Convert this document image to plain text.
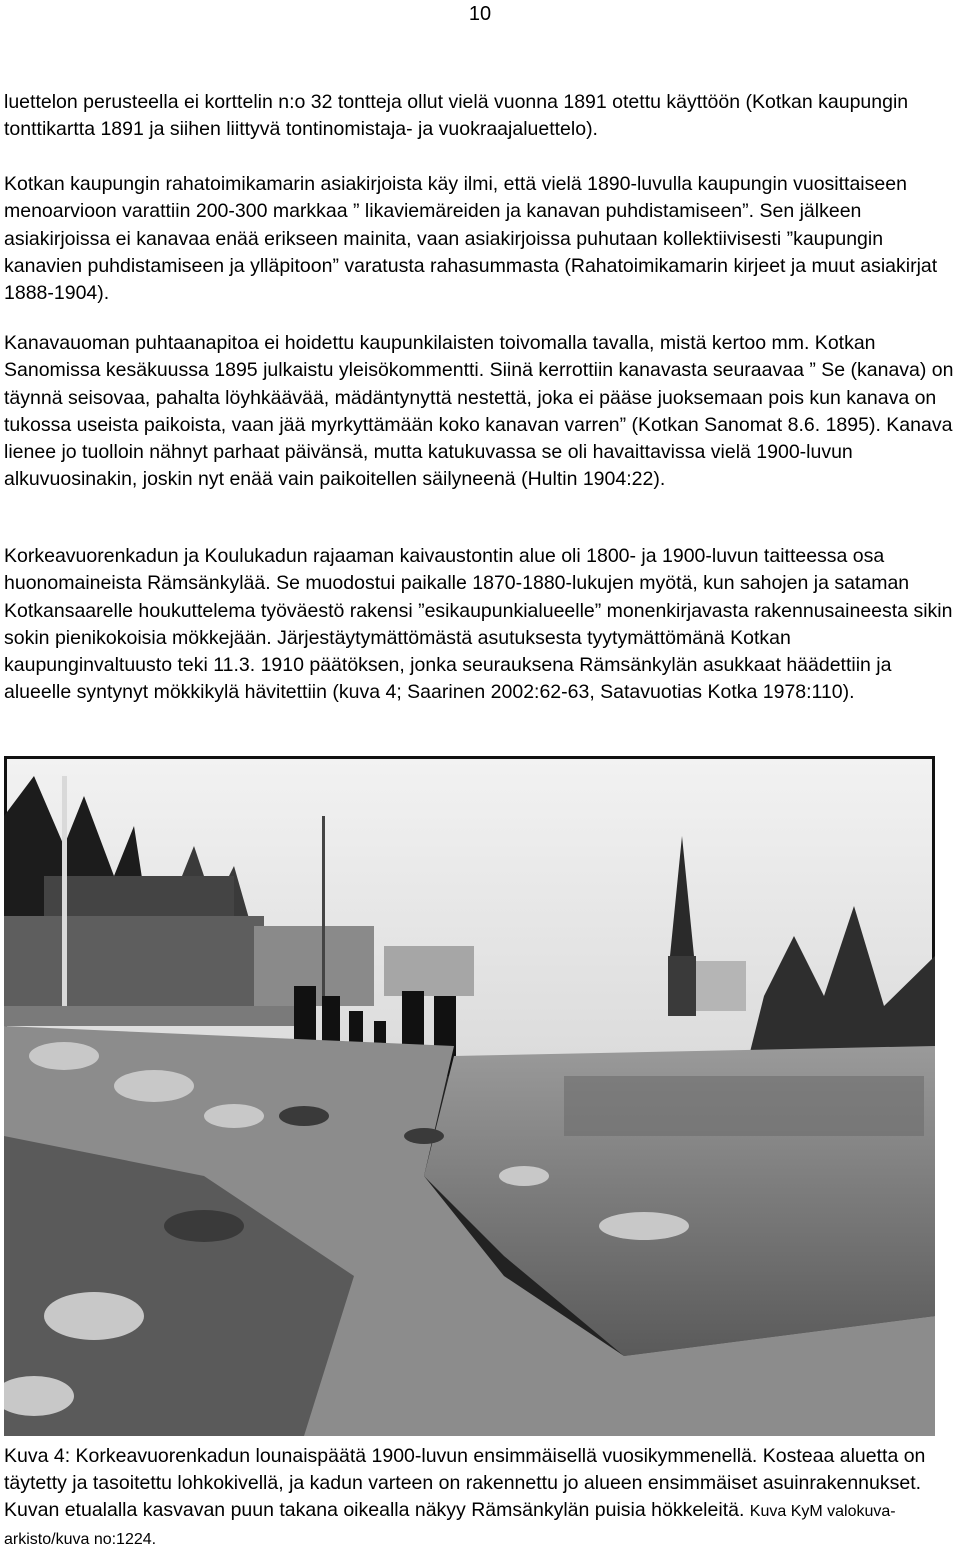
10

luettelon perusteella ei korttelin n:o 32 tontteja ollut vielä vuonna 1891 otettu käyttöön (Kotkan kaupungin tonttikartta 1891 ja siihen liittyvä tontinomistaja- ja vuokraajaluettelo).

Kotkan kaupungin rahatoimikamarin asiakirjoista käy ilmi, että vielä 1890-luvulla kaupungin vuosittaiseen menoarvioon varattiin 200-300 markkaa ” likaviemäreiden ja kanavan puhdistamiseen”. Sen jälkeen asiakirjoissa ei kanavaa enää erikseen mainita, vaan asiakirjoissa puhutaan kollektiivisesti ”kaupungin kanavien puhdistamiseen ja ylläpitoon” varatusta rahasummasta (Rahatoimikamarin kirjeet ja muut asiakirjat 1888-1904).

Kanavauoman puhtaanapitoa ei hoidettu kaupunkilaisten toivomalla tavalla, mistä kertoo mm. Kotkan Sanomissa kesäkuussa 1895 julkaistu yleisökommentti. Siinä kerrottiin kanavasta seuraavaa ” Se (kanava) on täynnä seisovaa, pahalta löyhkäävää, mädäntynyttä nestettä, joka ei pääse juoksemaan pois kun kanava on tukossa useista paikoista, vaan jää myrkyttämään koko kanavan varren” (Kotkan Sanomat 8.6. 1895). Kanava lienee jo tuolloin nähnyt parhaat päivänsä, mutta katukuvassa se oli havaittavissa vielä 1900-luvun alkuvuosinakin, joskin nyt enää vain paikoitellen säilyneenä (Hultin 1904:22).

Korkeavuorenkadun ja Koulukadun rajaaman kaivaustontin alue oli 1800- ja 1900-luvun taitteessa osa huonomaineista Rämsänkylää. Se muodostui paikalle 1870-1880-lukujen myötä, kun sahojen ja sataman Kotkansaarelle houkuttelema työväestö rakensi ”esikaupunkialueelle” monenkirjavasta rakennusaineesta sikin sokin pienikokoisia mökkejään. Järjestäytymättömästä asutuksesta tyytymättömänä Kotkan kaupunginvaltuusto teki 11.3. 1910 päätöksen, jonka seurauksena Rämsänkylän asukkaat häädettiin ja alueelle syntynyt mökkikylä hävitettiin (kuva 4; Saarinen 2002:62-63, Satavuotias Kotka 1978:110).

Kuva 4: Korkeavuorenkadun lounaispäätä 1900-luvun ensimmäisellä vuosikymmenellä. Kosteaa aluetta on täytetty ja tasoitettu lohkokivellä, ja kadun varteen on rakennettu jo alueen ensimmäiset asuinrakennukset. Kuvan etualalla kasvavan puun takana oikealla näkyy Rämsänkylän puisia hökkeleitä. Kuva KyM valokuva-arkisto/kuva no:1224.
